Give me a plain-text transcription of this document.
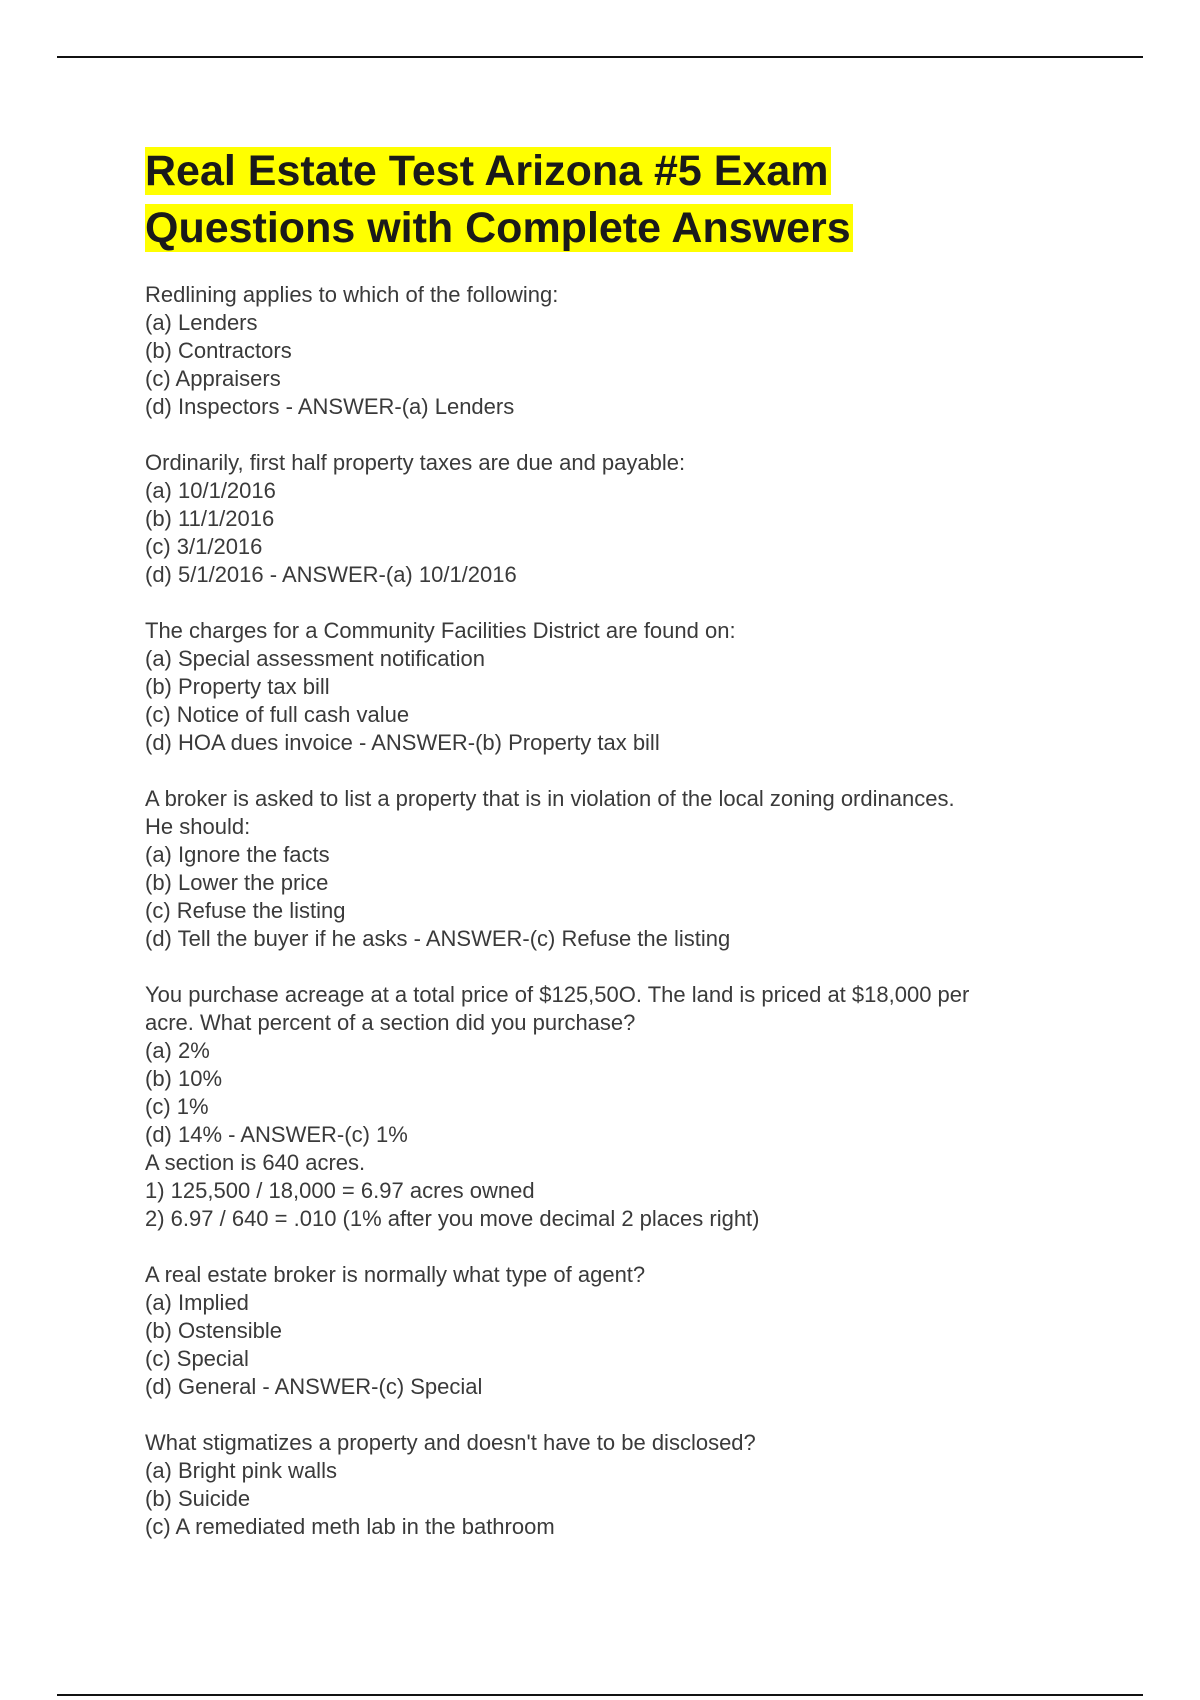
Real Estate Test Arizona #5 Exam
Questions with Complete Answers
Redlining applies to which of the following:
(a) Lenders
(b) Contractors
(c) Appraisers
(d) Inspectors - ANSWER-(a) Lenders
Ordinarily, first half property taxes are due and payable:
(a) 10/1/2016
(b) 11/1/2016
(c) 3/1/2016
(d) 5/1/2016 - ANSWER-(a) 10/1/2016
The charges for a Community Facilities District are found on:
(a) Special assessment notification
(b) Property tax bill
(c) Notice of full cash value
(d) HOA dues invoice - ANSWER-(b) Property tax bill
A broker is asked to list a property that is in violation of the local zoning ordinances.
He should:
(a) Ignore the facts
(b) Lower the price
(c) Refuse the listing
(d) Tell the buyer if he asks - ANSWER-(c) Refuse the listing
You purchase acreage at a total price of $125,50O. The land is priced at $18,000 per
acre. What percent of a section did you purchase?
(a) 2%
(b) 10%
(c) 1%
(d) 14% - ANSWER-(c) 1%
A section is 640 acres.
1) 125,500 / 18,000 = 6.97 acres owned
2) 6.97 / 640 = .010 (1% after you move decimal 2 places right)
A real estate broker is normally what type of agent?
(a) Implied
(b) Ostensible
(c) Special
(d) General - ANSWER-(c) Special
What stigmatizes a property and doesn't have to be disclosed?
(a) Bright pink walls
(b) Suicide
(c) A remediated meth lab in the bathroom
